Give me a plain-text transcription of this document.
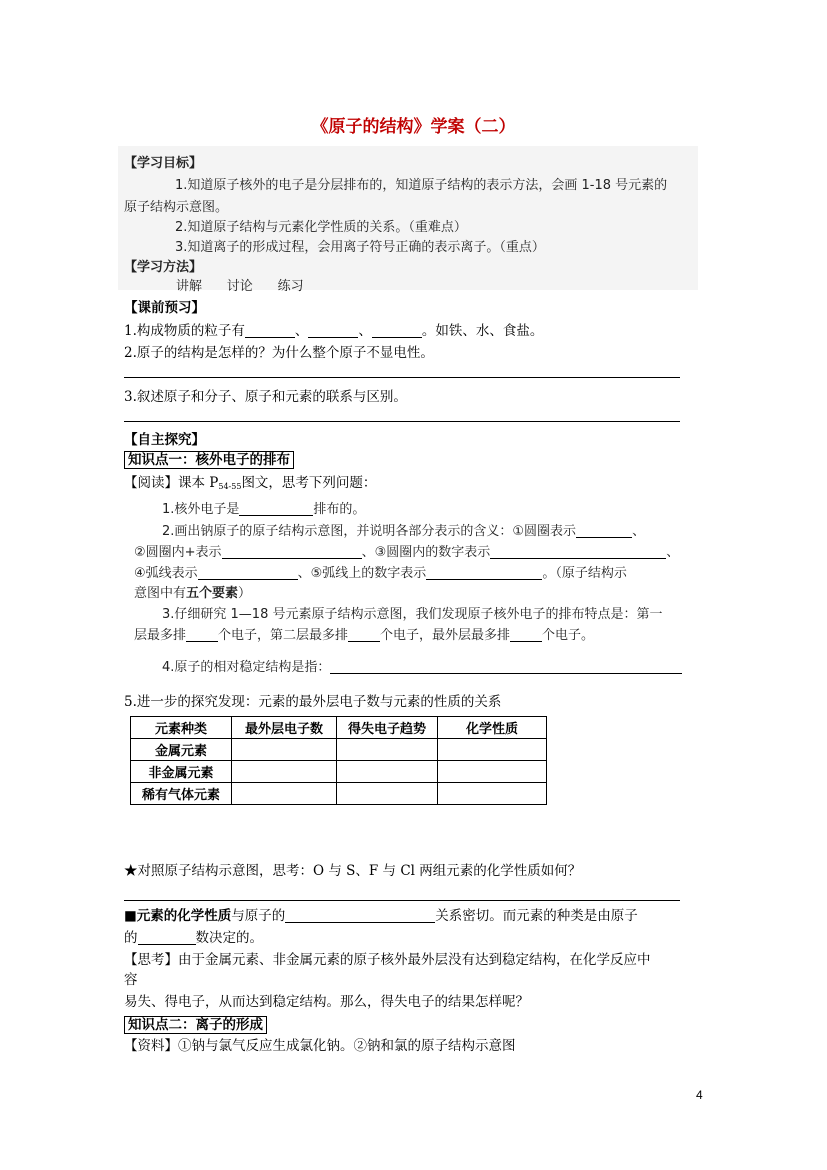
《原子的结构》学案（二）
【学习目标】
1.知道原子核外的电子是分层排布的，知道原子结构的表示方法，会画 1-18 号元素的
原子结构示意图。
2.知道原子结构与元素化学性质的关系。（重难点）
3.知道离子的形成过程，会用离子符号正确的表示离子。（重点）
【学习方法】
讲解      讨论      练习
【课前预习】
1.构成物质的粒子有	、	、	。如铁、水、食盐。
2.原子的结构是怎样的？为什么整个原子不显电性。
3.叙述原子和分子、原子和元素的联系与区别。
【自主探究】
知识点一：核外电子的排布
【阅读】课本 $P_{54-55}$图文，思考下列问题：
1.核外电子是	排布的。
2.画出钠原子的原子结构示意图，并说明各部分表示的含义：①圆圈表示	、
②圆圈内+表示	、③圆圈内的数字表示	、
④弧线表示	、⑤弧线上的数字表示	。（原子结构示
意图中有五个要素）
3.仔细研究 1—18 号元素原子结构示意图，我们发现原子核外电子的排布特点是：第一
层最多排 个电子，第二层最多排 个电子，最外层最多排 个电子。
4.原子的相对稳定结构是指：
5.进一步的探究发现：元素的最外层电子数与元素的性质的关系
元素种类	最外层电子数	得失电子趋势	化学性质
金属元素			
非金属元素			
稀有气体元素			
★对照原子结构示意图，思考：O 与 S、F 与 Cl 两组元素的化学性质如何？
■元素的化学性质与原子的	关系密切。而元素的种类是由原子
的	数决定的。
【思考】由于金属元素、非金属元素的原子核外最外层没有达到稳定结构，在化学反应中
容
易失、得电子，从而达到稳定结构。那么，得失电子的结果怎样呢？
知识点二：离子的形成
【资料】①钠与氯气反应生成氯化钠。②钠和氯的原子结构示意图
4
